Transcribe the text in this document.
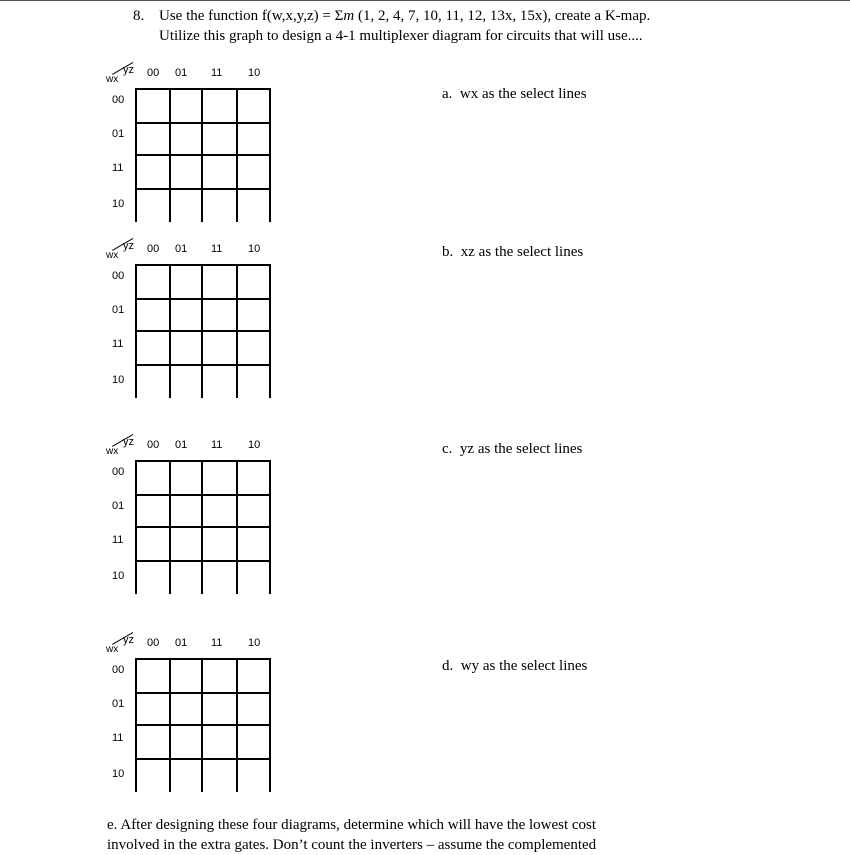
8. Use the function f(w,x,y,z) = Σm (1, 2, 4, 7, 10, 11, 12, 13x, 15x), create a K-map.
Utilize this graph to design a 4-1 multiplexer diagram for circuits that will use....
yz
wx
00 01 11 10
00
01
11
10
yz
wx
00 01 11 10
00
01
11
10
yz
wx
00 01 11 10
00
01
11
10
yz
wx
00 01 11 10
00
01
11
10
a. wx as the select lines
b. xz as the select lines
c. yz as the select lines
d. wy as the select lines
e. After designing these four diagrams, determine which will have the lowest cost
involved in the extra gates. Don’t count the inverters – assume the complemented
